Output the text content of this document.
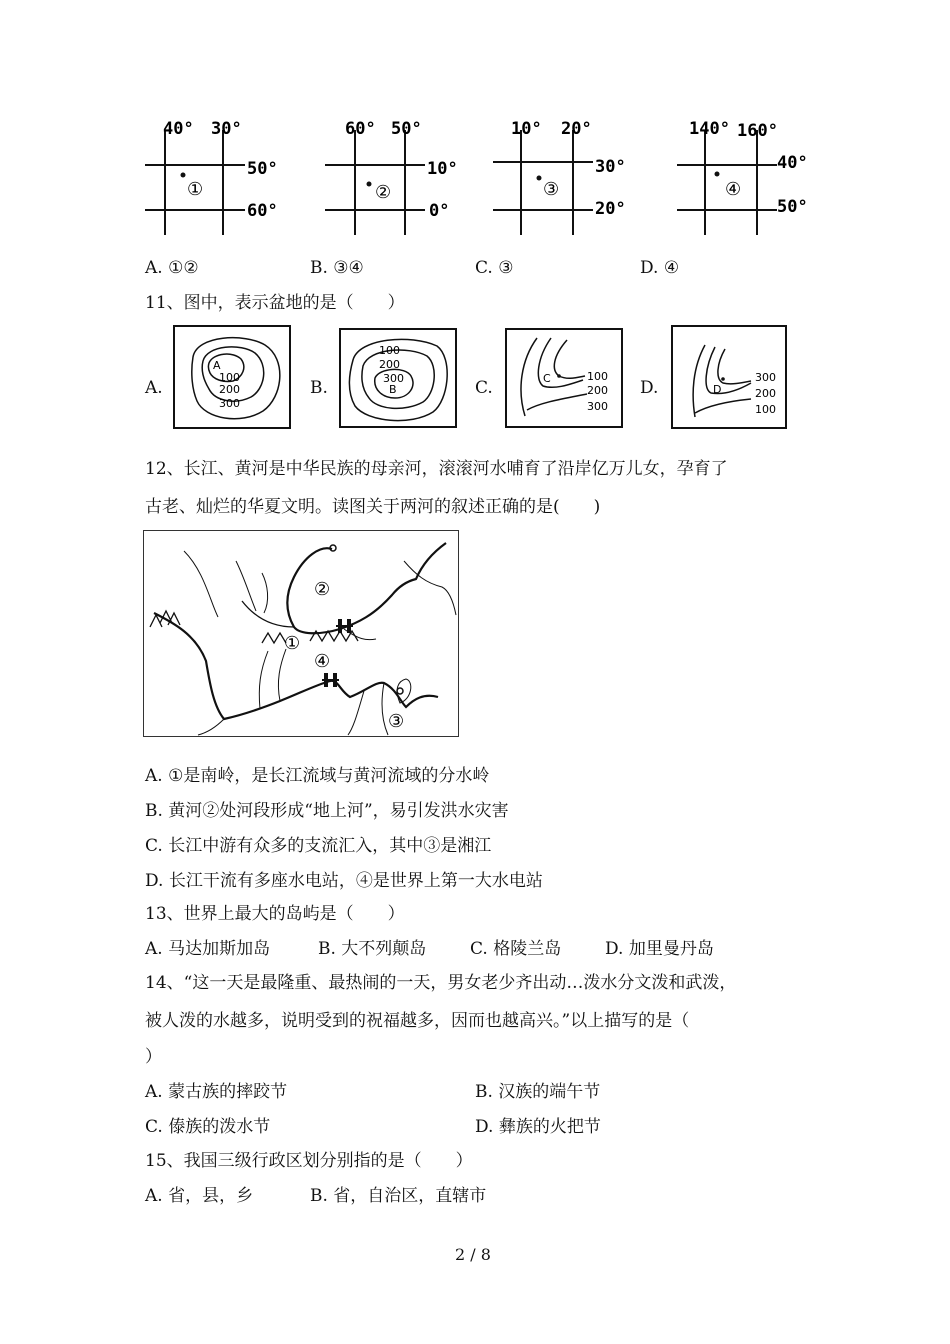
40° 30°
50°
60°
①
60° 50°
10°
0°
②
10° 20°
30°
20°
③
140° 160°
40°
50°
④
A. ①②	B. ③④	C. ③	D. ④
11、图中，表示盆地的是（　　）
A.
A
100
200
300
B.
100
200
300
B	C.	C	100
200
300
D.	D
300
200
100
12、长江、黄河是中华民族的母亲河，滚滚河水哺育了沿岸亿万儿女，孕育了
古老、灿烂的华夏文明。读图关于两河的叙述正确的是(　　)
②
①
④
③
A. ①是南岭，是长江流域与黄河流域的分水岭
B. 黄河②处河段形成“地上河”，易引发洪水灾害
C. 长江中游有众多的支流汇入，其中③是湘江
D. 长江干流有多座水电站，④是世界上第一大水电站
13、世界上最大的岛屿是（　　）
A. 马达加斯加岛	B. 大不列颠岛	C. 格陵兰岛	D. 加里曼丹岛
14、“这一天是最隆重、最热闹的一天，男女老少齐出动…泼水分文泼和武泼，
被人泼的水越多，说明受到的祝福越多，因而也越高兴。”以上描写的是（
）
A. 蒙古族的摔跤节	B. 汉族的端午节
C. 傣族的泼水节	D. 彝族的火把节
15、我国三级行政区划分别指的是（　　）
A. 省，县，乡	B. 省，自治区，直辖市
2 / 8
